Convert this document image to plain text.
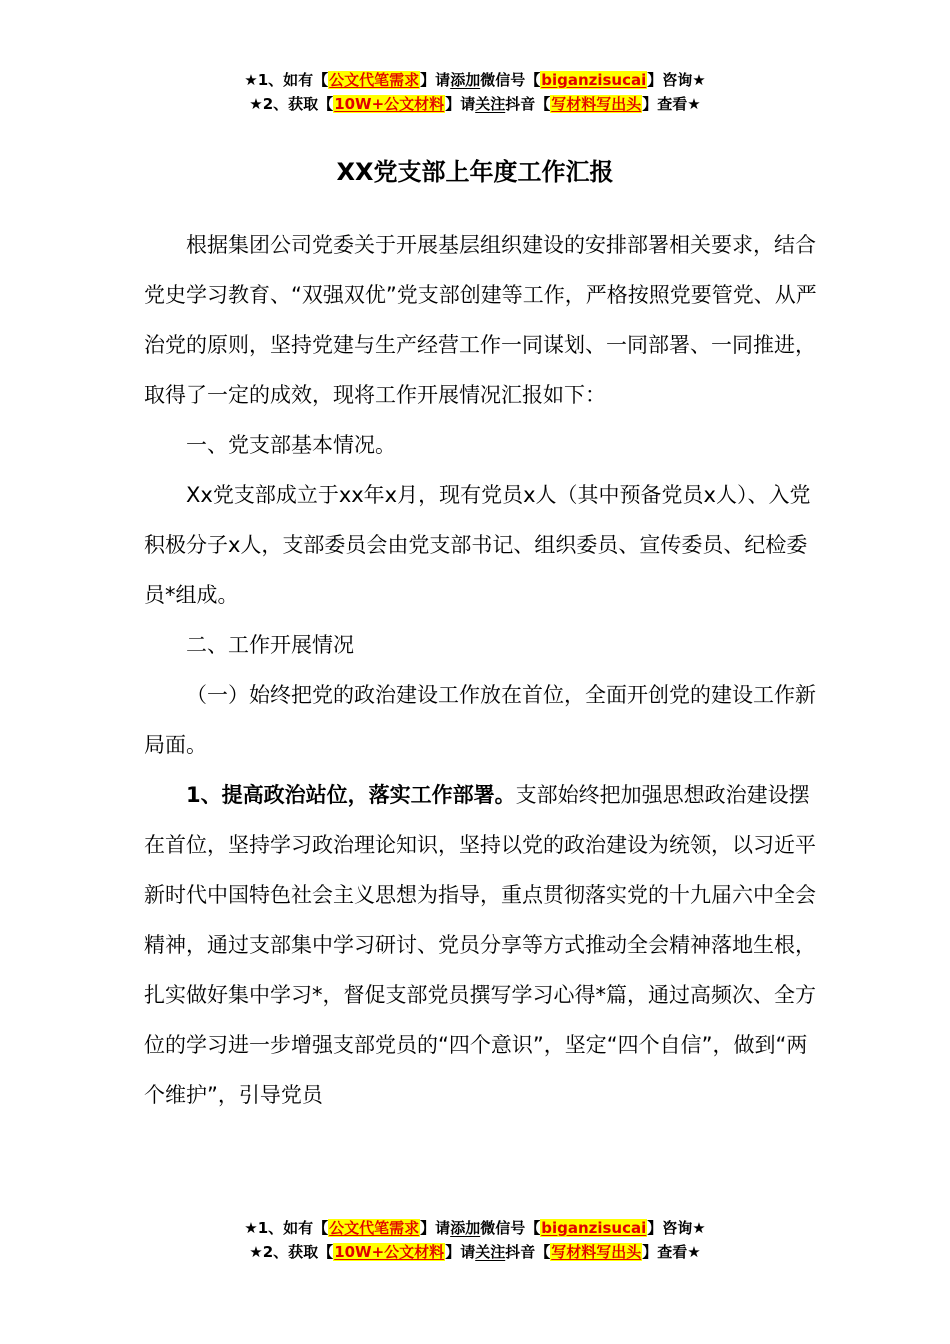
★1、如有【公文代笔需求】请添加微信号【biganzisucai】咨询★
★2、获取【10W+公文材料】请关注抖音【写材料写出头】查看★
XX党支部上年度工作汇报

根据集团公司党委关于开展基层组织建设的安排部署相关要求，结合党史学习教育、“双强双优”党支部创建等工作，严格按照党要管党、从严治党的原则，坚持党建与生产经营工作一同谋划、一同部署、一同推进，取得了一定的成效，现将工作开展情况汇报如下：

一、党支部基本情况。

Xx党支部成立于xx年x月，现有党员x人（其中预备党员x人）、入党积极分子x人，支部委员会由党支部书记、组织委员、宣传委员、纪检委员*组成。

二、工作开展情况

（一）始终把党的政治建设工作放在首位，全面开创党的建设工作新局面。

1、提高政治站位，落实工作部署。支部始终把加强思想政治建设摆在首位，坚持学习政治理论知识，坚持以党的政治建设为统领，以习近平新时代中国特色社会主义思想为指导，重点贯彻落实党的十九届六中全会精神，通过支部集中学习研讨、党员分享等方式推动全会精神落地生根，扎实做好集中学习*，督促支部党员撰写学习心得*篇，通过高频次、全方位的学习进一步增强支部党员的“四个意识”，坚定“四个自信”，做到“两个维护”，引导党员

★1、如有【公文代笔需求】请添加微信号【biganzisucai】咨询★
★2、获取【10W+公文材料】请关注抖音【写材料写出头】查看★
